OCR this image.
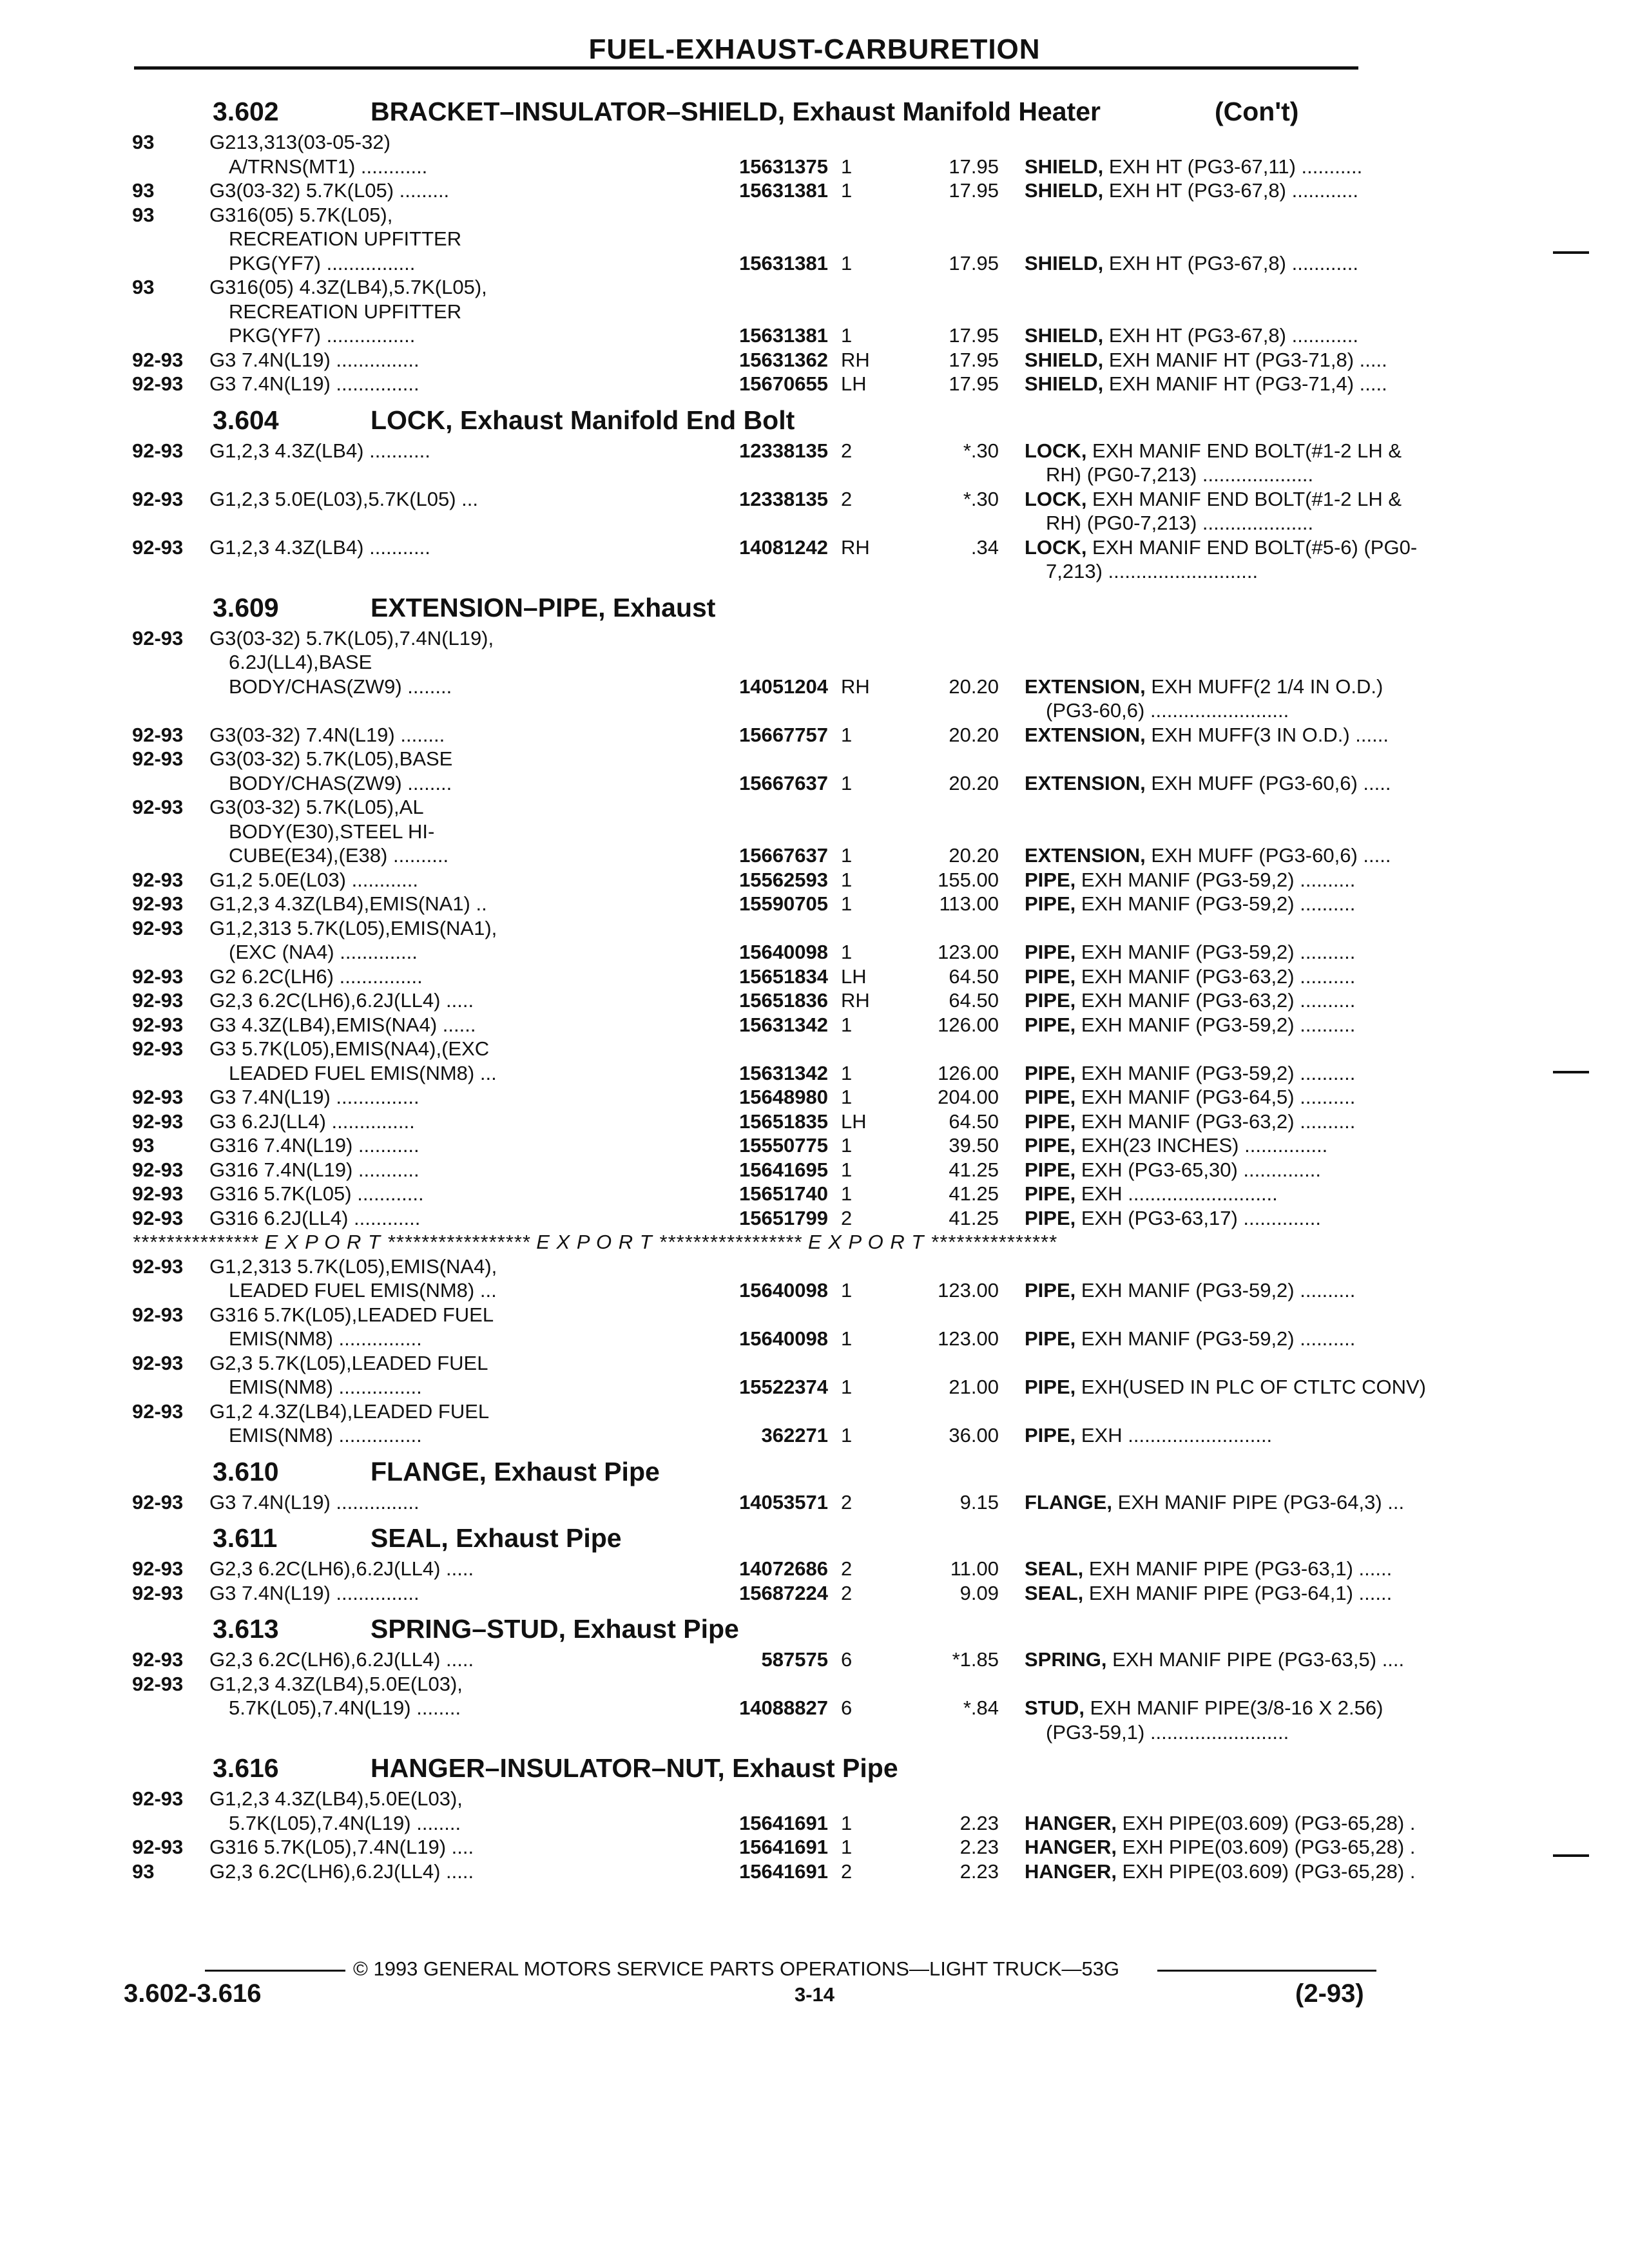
FUEL-EXHAUST-CARBURETION
3.602	BRACKET–INSULATOR–SHIELD, Exhaust Manifold Heater	(Con't)
93	G213,313(03-05-32)
A/TRNS(MT1) ............	15631375 1	17.95 SHIELD, EXH HT (PG3-67,11) ...........
93	G3(03-32) 5.7K(L05) .........	15631381 1	17.95 SHIELD, EXH HT (PG3-67,8) ............
93	G316(05) 5.7K(L05),
RECREATION UPFITTER
PKG(YF7) ................	15631381 1	17.95 SHIELD, EXH HT (PG3-67,8) ............
93	G316(05) 4.3Z(LB4),5.7K(L05),
RECREATION UPFITTER
PKG(YF7) ................	15631381 1	17.95 SHIELD, EXH HT (PG3-67,8) ............
92-93 G3 7.4N(L19) ...............	15631362 RH	17.95 SHIELD, EXH MANIF HT (PG3-71,8) .....
92-93 G3 7.4N(L19) ...............	15670655 LH	17.95 SHIELD, EXH MANIF HT (PG3-71,4) .....
3.604	LOCK, Exhaust Manifold End Bolt
92-93 G1,2,3 4.3Z(LB4) ...........	12338135 2	*.30 LOCK, EXH MANIF END BOLT(#1-2 LH &
RH) (PG0-7,213) ....................
92-93 G1,2,3 5.0E(L03),5.7K(L05) ...	12338135 2	*.30 LOCK, EXH MANIF END BOLT(#1-2 LH &
RH) (PG0-7,213) ....................
92-93 G1,2,3 4.3Z(LB4) ...........	14081242 RH	.34 LOCK, EXH MANIF END BOLT(#5-6) (PG0-
7,213) ...........................
3.609	EXTENSION–PIPE, Exhaust
92-93 G3(03-32) 5.7K(L05),7.4N(L19),
6.2J(LL4),BASE
BODY/CHAS(ZW9) ........	14051204 RH	20.20 EXTENSION, EXH MUFF(2 1/4 IN O.D.)
(PG3-60,6) .........................
92-93 G3(03-32) 7.4N(L19) ........	15667757 1	20.20 EXTENSION, EXH MUFF(3 IN O.D.) ......
92-93 G3(03-32) 5.7K(L05),BASE
BODY/CHAS(ZW9) ........	15667637 1	20.20 EXTENSION, EXH MUFF (PG3-60,6) .....
92-93 G3(03-32) 5.7K(L05),AL
BODY(E30),STEEL HI-
CUBE(E34),(E38) ..........	15667637 1	20.20 EXTENSION, EXH MUFF (PG3-60,6) .....
92-93 G1,2 5.0E(L03) ............	15562593 1	155.00 PIPE, EXH MANIF (PG3-59,2) ..........
92-93 G1,2,3 4.3Z(LB4),EMIS(NA1) ..	15590705 1	113.00 PIPE, EXH MANIF (PG3-59,2) ..........
92-93 G1,2,313 5.7K(L05),EMIS(NA1),
(EXC (NA4) ..............	15640098 1	123.00 PIPE, EXH MANIF (PG3-59,2) ..........
92-93 G2 6.2C(LH6) ...............	15651834 LH	64.50 PIPE, EXH MANIF (PG3-63,2) ..........
92-93 G2,3 6.2C(LH6),6.2J(LL4) .....	15651836 RH	64.50 PIPE, EXH MANIF (PG3-63,2) ..........
92-93 G3 4.3Z(LB4),EMIS(NA4) ......	15631342 1	126.00 PIPE, EXH MANIF (PG3-59,2) ..........
92-93 G3 5.7K(L05),EMIS(NA4),(EXC
LEADED FUEL EMIS(NM8) ...	15631342 1	126.00 PIPE, EXH MANIF (PG3-59,2) ..........
92-93 G3 7.4N(L19) ...............	15648980 1	204.00 PIPE, EXH MANIF (PG3-64,5) ..........
92-93 G3 6.2J(LL4) ...............	15651835 LH	64.50 PIPE, EXH MANIF (PG3-63,2) ..........
93	G316 7.4N(L19) ...........	15550775 1	39.50 PIPE, EXH(23 INCHES) ...............
92-93 G316 7.4N(L19) ...........	15641695 1	41.25 PIPE, EXH (PG3-65,30) ..............
92-93 G316 5.7K(L05) ............	15651740 1	41.25 PIPE, EXH ...........................
92-93 G316 6.2J(LL4) ............	15651799 2	41.25 PIPE, EXH (PG3-63,17) ..............
*************** E X P O R T ***************** E X P O R T ***************** E X P O R T ***************
92-93 G1,2,313 5.7K(L05),EMIS(NA4),
LEADED FUEL EMIS(NM8) ...	15640098 1	123.00 PIPE, EXH MANIF (PG3-59,2) ..........
92-93 G316 5.7K(L05),LEADED FUEL
EMIS(NM8) ...............	15640098 1	123.00 PIPE, EXH MANIF (PG3-59,2) ..........
92-93 G2,3 5.7K(L05),LEADED FUEL
EMIS(NM8) ...............	15522374 1	21.00 PIPE, EXH(USED IN PLC OF CTLTC CONV)
92-93 G1,2 4.3Z(LB4),LEADED FUEL
EMIS(NM8) ...............	362271 1	36.00 PIPE, EXH ..........................
3.610	FLANGE, Exhaust Pipe
92-93 G3 7.4N(L19) ...............	14053571 2	9.15 FLANGE, EXH MANIF PIPE (PG3-64,3) ...
3.611	SEAL, Exhaust Pipe
92-93 G2,3 6.2C(LH6),6.2J(LL4) .....	14072686 2	11.00 SEAL, EXH MANIF PIPE (PG3-63,1) ......
92-93 G3 7.4N(L19) ...............	15687224 2	9.09 SEAL, EXH MANIF PIPE (PG3-64,1) ......
3.613	SPRING–STUD, Exhaust Pipe
92-93 G2,3 6.2C(LH6),6.2J(LL4) .....	587575 6	*1.85 SPRING, EXH MANIF PIPE (PG3-63,5) ....
92-93 G1,2,3 4.3Z(LB4),5.0E(L03),
5.7K(L05),7.4N(L19) ........	14088827 6	*.84 STUD, EXH MANIF PIPE(3/8-16 X 2.56)
(PG3-59,1) .........................
3.616	HANGER–INSULATOR–NUT, Exhaust Pipe
92-93 G1,2,3 4.3Z(LB4),5.0E(L03),
5.7K(L05),7.4N(L19) ........	15641691 1	2.23 HANGER, EXH PIPE(03.609) (PG3-65,28) .
92-93 G316 5.7K(L05),7.4N(L19) ....	15641691 1	2.23 HANGER, EXH PIPE(03.609) (PG3-65,28) .
93	G2,3 6.2C(LH6),6.2J(LL4) .....	15641691 2	2.23 HANGER, EXH PIPE(03.609) (PG3-65,28) .
© 1993 GENERAL MOTORS SERVICE PARTS OPERATIONS—LIGHT TRUCK—53G
3.602-3.616	3-14	(2-93)
